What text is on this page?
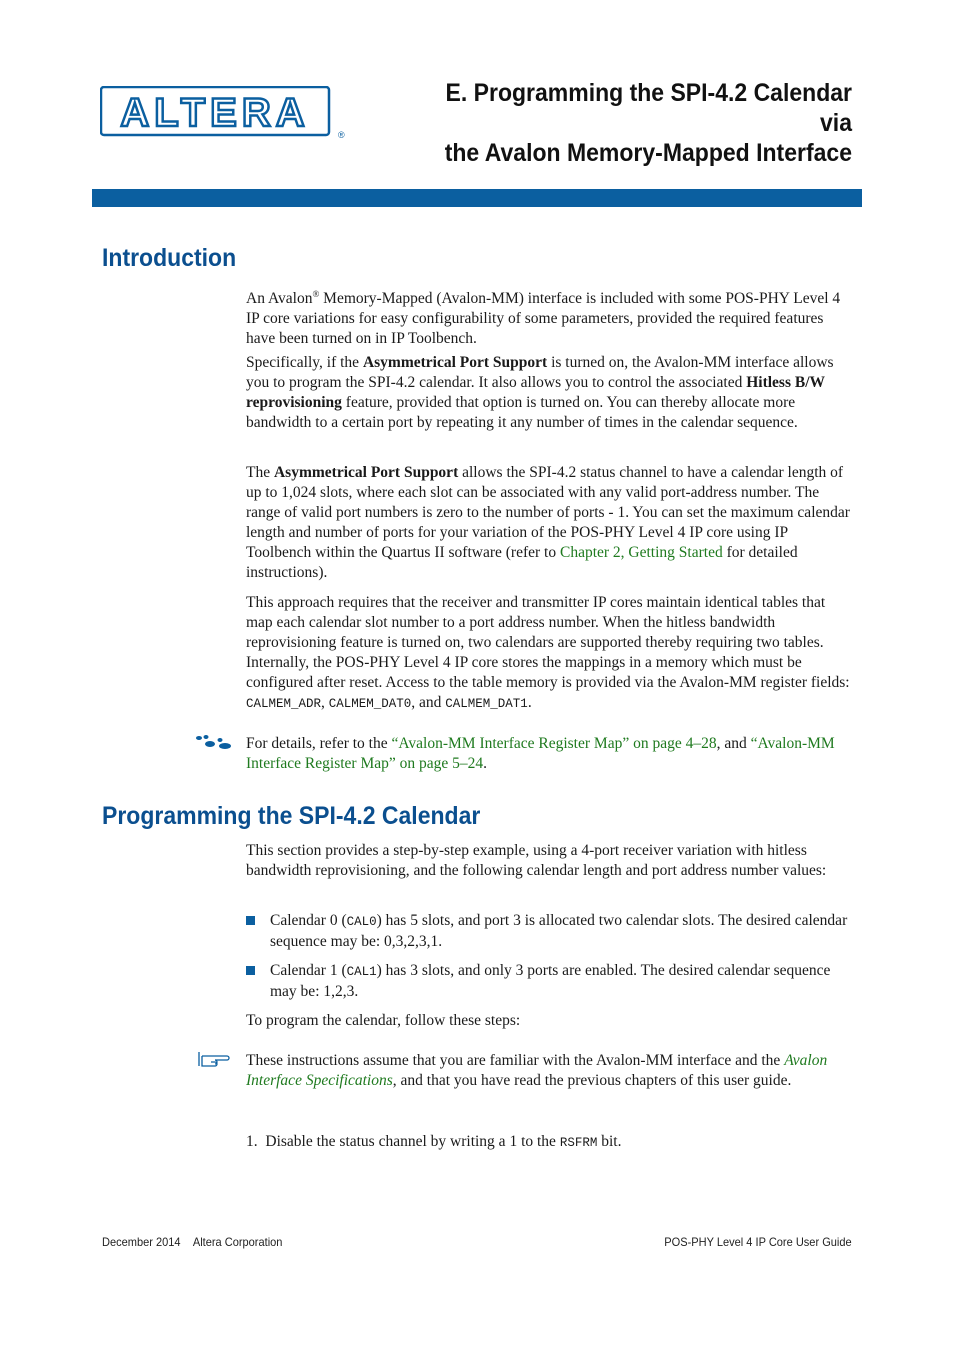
ALTERA	®
E. Programming the SPI-4.2 Calendar via
the Avalon Memory-Mapped Interface
Introduction
An Avalon® Memory-Mapped (Avalon-MM) interface is included with some POS-PHY Level 4 IP core variations for easy configurability of some parameters, provided the required features have been turned on in IP Toolbench.
Specifically, if the Asymmetrical Port Support is turned on, the Avalon-MM interface allows you to program the SPI-4.2 calendar. It also allows you to control the associated Hitless B/W reprovisioning feature, provided that option is turned on. You can thereby allocate more bandwidth to a certain port by repeating it any number of times in the calendar sequence.
The Asymmetrical Port Support allows the SPI-4.2 status channel to have a calendar length of up to 1,024 slots, where each slot can be associated with any valid port-address number. The range of valid port numbers is zero to the number of ports - 1. You can set the maximum calendar length and number of ports for your variation of the POS-PHY Level 4 IP core using IP Toolbench within the Quartus II software (refer to Chapter 2, Getting Started for detailed instructions).
This approach requires that the receiver and transmitter IP cores maintain identical tables that map each calendar slot number to a port address number. When the hitless bandwidth reprovisioning feature is turned on, two calendars are supported thereby requiring two tables. Internally, the POS-PHY Level 4 IP core stores the mappings in a memory which must be configured after reset. Access to the table memory is provided via the Avalon-MM register fields: CALMEM_ADR, CALMEM_DAT0, and CALMEM_DAT1.
For details, refer to the “Avalon-MM Interface Register Map” on page 4–28, and “Avalon-MM Interface Register Map” on page 5–24.
Programming the SPI-4.2 Calendar
This section provides a step-by-step example, using a 4-port receiver variation with hitless bandwidth reprovisioning, and the following calendar length and port address number values:
Calendar 0 (CAL0) has 5 slots, and port 3 is allocated two calendar slots. The desired calendar sequence may be: 0,3,2,3,1.
Calendar 1 (CAL1) has 3 slots, and only 3 ports are enabled. The desired calendar sequence may be: 1,2,3.
To program the calendar, follow these steps:
These instructions assume that you are familiar with the Avalon-MM interface and the Avalon Interface Specifications, and that you have read the previous chapters of this user guide.
1. Disable the status channel by writing a 1 to the RSFRM bit.
December 2014 Altera Corporation	POS-PHY Level 4 IP Core User Guide
